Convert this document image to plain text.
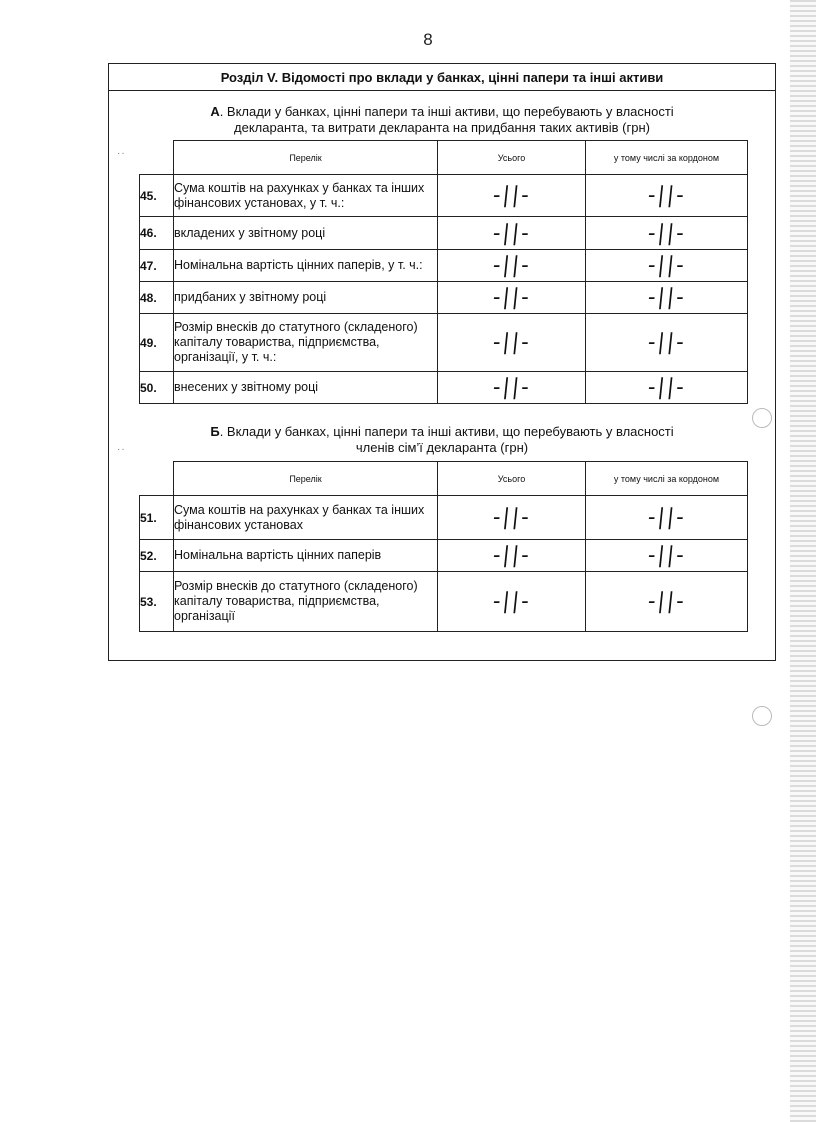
8
Розділ V. Відомості про вклади у банках, цінні папери та інші активи
А. Вклади у банках, цінні папери та інші активи, що перебувають у власності
декларанта, та витрати декларанта на придбання таких активів (грн)
··
		Перелік	Усього	у тому числі за кордоном
45.	Сума коштів на рахунках у банках та інших фінансових установах, у т. ч.:	-||-	-||-
46.	вкладених у звітному році	-||-	-||-
47.	Номінальна вартість цінних паперів, у т. ч.:	-||-	-||-
48.	придбаних у звітному році	-||-	-||-
49.	Розмір внесків до статутного (складеного) капіталу товариства, підприємства, організації, у т. ч.:	-||-	-||-
50.	внесених у звітному році	-||-	-||-
Б. Вклади у банках, цінні папери та інші активи, що перебувають у власності
членів сім’ї декларанта (грн)
··
	Перелік	Усього	у тому числі за кордоном
51.	Сума коштів на рахунках у банках та інших фінансових установах	-||-	-||-
52.	Номінальна вартість цінних паперів	-||-	-||-
53.	Розмір внесків до статутного (складеного) капіталу товариства, підприємства, організації	-||-	-||-
